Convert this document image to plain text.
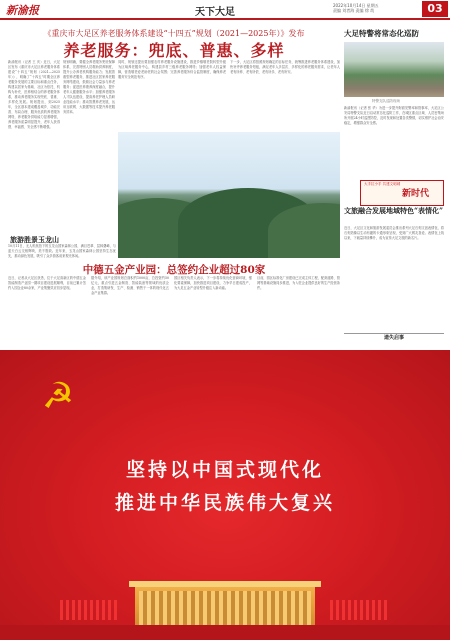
新渝报	天下大足
2022年10月14日 星期五
责编 刘者海 责编 徐 哉	03
《重庆市大足区养老服务体系建设“十四五”规划（2021—2025年）》发布
养老服务：兜底、普惠、多样
新渝报讯（记者 王 庆）近日，大足区发布《重庆市大足区养老服务体系建设“十四五”规划（2021—2025年）》，明确了“十四五”时期全区养老服务发展的主要目标和重点任务，构建以居家为基础、社区为依托、机构为补充、医养相结合的养老服务体系，推动养老服务实现兜底、普惠、多样化发展。规划提出，到2025年，全区基本建成覆盖城乡、功能完善、布局合理、服务优质的养老服务网络，养老服务供给能力显著增强，养老服务质量明显提升，老年人获得感、幸福感、安全感不断增强。
规划明确，要健全养老服务兜底保障体系，完善特困人员救助供养制度，提升公办养老机构服务能力；发展普惠型养老服务，推进社区居家养老服务网络建设，鼓励社会力量参与养老服务；促进医养康养深度融合，提升老年人健康服务水平；加强养老服务人才队伍建设，提高养老护理人员职业技能水平；推动智慧养老发展，运用互联网、大数据等技术提升养老服务效率。
同时，规划还提出要加强农村养老服务设施建设，推进乡镇敬老院转型升级为区域养老服务中心，构建县乡村三级养老服务网络；加强老年人权益保障，营造敬老爱老助老的社会氛围；完善养老服务综合监管制度，确保养老服务安全规范有序。
下一步，大足区将按照规划确定的目标任务，统筹推进养老服务体系建设，加快补齐养老服务短板，满足老年人多层次、多样化的养老服务需求，让老年人老有所养、老有所依、老有所乐、老有所安。
旅游胜景玉龙山
10月11日，无人机航拍下的玉龙山国家森林公园，满目苍翠、层林叠嶂，与蓝天白云交相辉映，美不胜收。近年来，玉龙山国家森林公园坚持生态优先，推动绿色发展，吸引了众多游客前来观光休闲。
中德五金产业园：总签约企业超过80家
近日，记者从大足区获悉，位于大足高新区的中德五金智能制造产业园一期项目建设进展顺利，目前已累计签约入园企业80余家，产业集聚效应初步显现。
据介绍，该产业园规划总面积约1000亩，总投资约50亿元，重点引进五金制造、智能装备等领域的优质企业，打造集研发、生产、检测、销售于一体的现代化五金产业集群。
园区相关负责人表示，下一步将持续优化营商环境，强化要素保障，加快推进项目建设，力争早日建成投产，为大足五金产业转型升级注入新动能。
目前，园区标准化厂房建设已完成主体工程，配套道路、管网等基础设施同步推进，为入驻企业提供良好的生产经营条件。
大足特警将常态化巡防
特警支队巡防现场
新渝报讯（记者 张 华）为进一步提升街面见警率和管事率，大足区公安局特警支队近日启动常态化巡防工作，在城区重点区域、人员密集场所开展24小时巡逻防控，及时发现和处置各类警情，切实维护社会治安稳定，增强群众安全感。
大手拉小手 共建文明城
新时代
文旅融合发展地域特色“表情化”
近日，大足区文化和旅游发展委员会推出系列大足石刻文创表情包，将石刻造像以生动有趣的卡通形象呈现，受到广大网友喜爱。表情包上线以来，下载量持续攀升，成为宣传大足文旅的新名片。
遗失启事
☭
坚持以中国式现代化
推进中华民族伟大复兴
